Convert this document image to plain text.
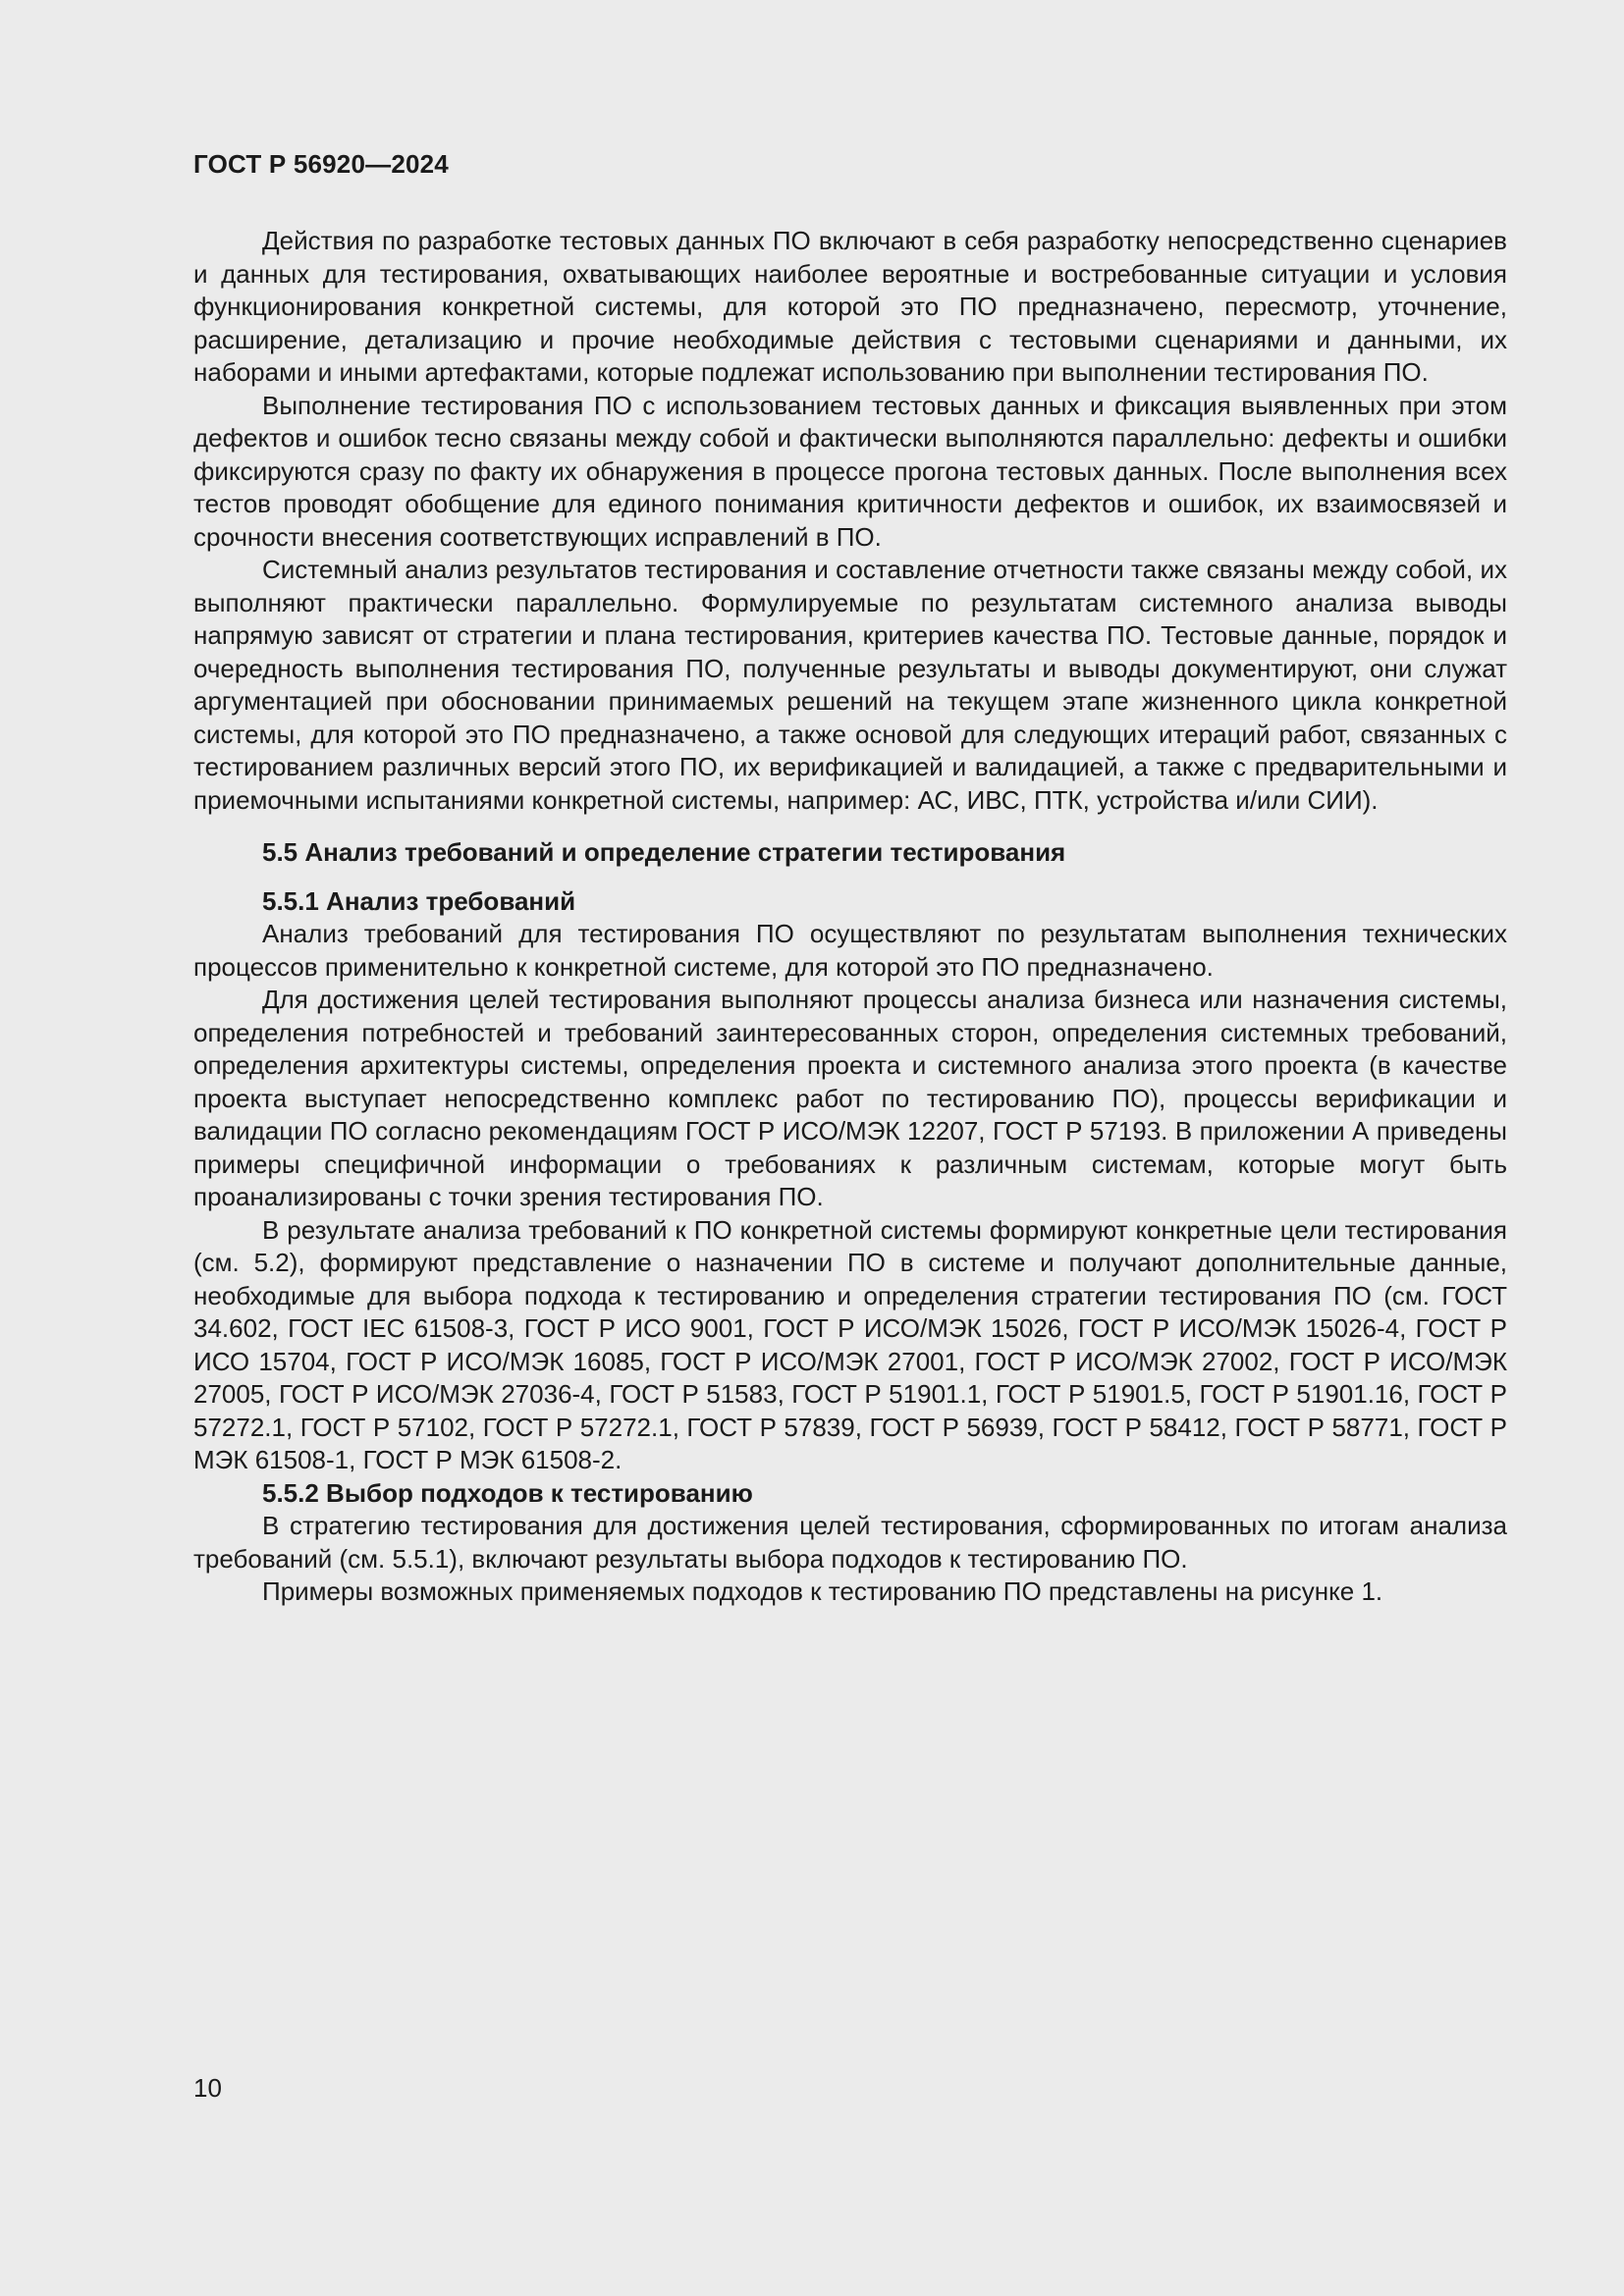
ГОСТ Р 56920—2024

Действия по разработке тестовых данных ПО включают в себя разработку непосредственно сценариев и данных для тестирования, охватывающих наиболее вероятные и востребованные ситуации и условия функционирования конкретной системы, для которой это ПО предназначено, пересмотр, уточнение, расширение, детализацию и прочие необходимые действия с тестовыми сценариями и данными, их наборами и иными артефактами, которые подлежат использованию при выполнении тестирования ПО.

Выполнение тестирования ПО с использованием тестовых данных и фиксация выявленных при этом дефектов и ошибок тесно связаны между собой и фактически выполняются параллельно: дефекты и ошибки фиксируются сразу по факту их обнаружения в процессе прогона тестовых данных. После выполнения всех тестов проводят обобщение для единого понимания критичности дефектов и ошибок, их взаимосвязей и срочности внесения соответствующих исправлений в ПО.

Системный анализ результатов тестирования и составление отчетности также связаны между собой, их выполняют практически параллельно. Формулируемые по результатам системного анализа выводы напрямую зависят от стратегии и плана тестирования, критериев качества ПО. Тестовые данные, порядок и очередность выполнения тестирования ПО, полученные результаты и выводы документируют, они служат аргументацией при обосновании принимаемых решений на текущем этапе жизненного цикла конкретной системы, для которой это ПО предназначено, а также основой для следующих итераций работ, связанных с тестированием различных версий этого ПО, их верификацией и валидацией, а также с предварительными и приемочными испытаниями конкретной системы, например: АС, ИВС, ПТК, устройства и/или СИИ).

5.5 Анализ требований и определение стратегии тестирования
5.5.1 Анализ требований

Анализ требований для тестирования ПО осуществляют по результатам выполнения технических процессов применительно к конкретной системе, для которой это ПО предназначено.

Для достижения целей тестирования выполняют процессы анализа бизнеса или назначения системы, определения потребностей и требований заинтересованных сторон, определения системных требований, определения архитектуры системы, определения проекта и системного анализа этого проекта (в качестве проекта выступает непосредственно комплекс работ по тестированию ПО), процессы верификации и валидации ПО согласно рекомендациям ГОСТ Р ИСО/МЭК 12207, ГОСТ Р 57193. В приложении А приведены примеры специфичной информации о требованиях к различным системам, которые могут быть проанализированы с точки зрения тестирования ПО.

В результате анализа требований к ПО конкретной системы формируют конкретные цели тестирования (см. 5.2), формируют представление о назначении ПО в системе и получают дополнительные данные, необходимые для выбора подхода к тестированию и определения стратегии тестирования ПО (см. ГОСТ 34.602, ГОСТ IEC 61508-3, ГОСТ Р ИСО 9001, ГОСТ Р ИСО/МЭК 15026, ГОСТ Р ИСО/МЭК 15026-4, ГОСТ Р ИСО 15704, ГОСТ Р ИСО/МЭК 16085, ГОСТ Р ИСО/МЭК 27001, ГОСТ Р ИСО/МЭК 27002, ГОСТ Р ИСО/МЭК 27005, ГОСТ Р ИСО/МЭК 27036-4, ГОСТ Р 51583, ГОСТ Р 51901.1, ГОСТ Р 51901.5, ГОСТ Р 51901.16, ГОСТ Р 57272.1, ГОСТ Р 57102, ГОСТ Р 57272.1, ГОСТ Р 57839, ГОСТ Р 56939, ГОСТ Р 58412, ГОСТ Р 58771, ГОСТ Р МЭК 61508-1, ГОСТ Р МЭК 61508-2.

5.5.2 Выбор подходов к тестированию

В стратегию тестирования для достижения целей тестирования, сформированных по итогам анализа требований (см. 5.5.1), включают результаты выбора подходов к тестированию ПО.

Примеры возможных применяемых подходов к тестированию ПО представлены на рисунке 1.

10
